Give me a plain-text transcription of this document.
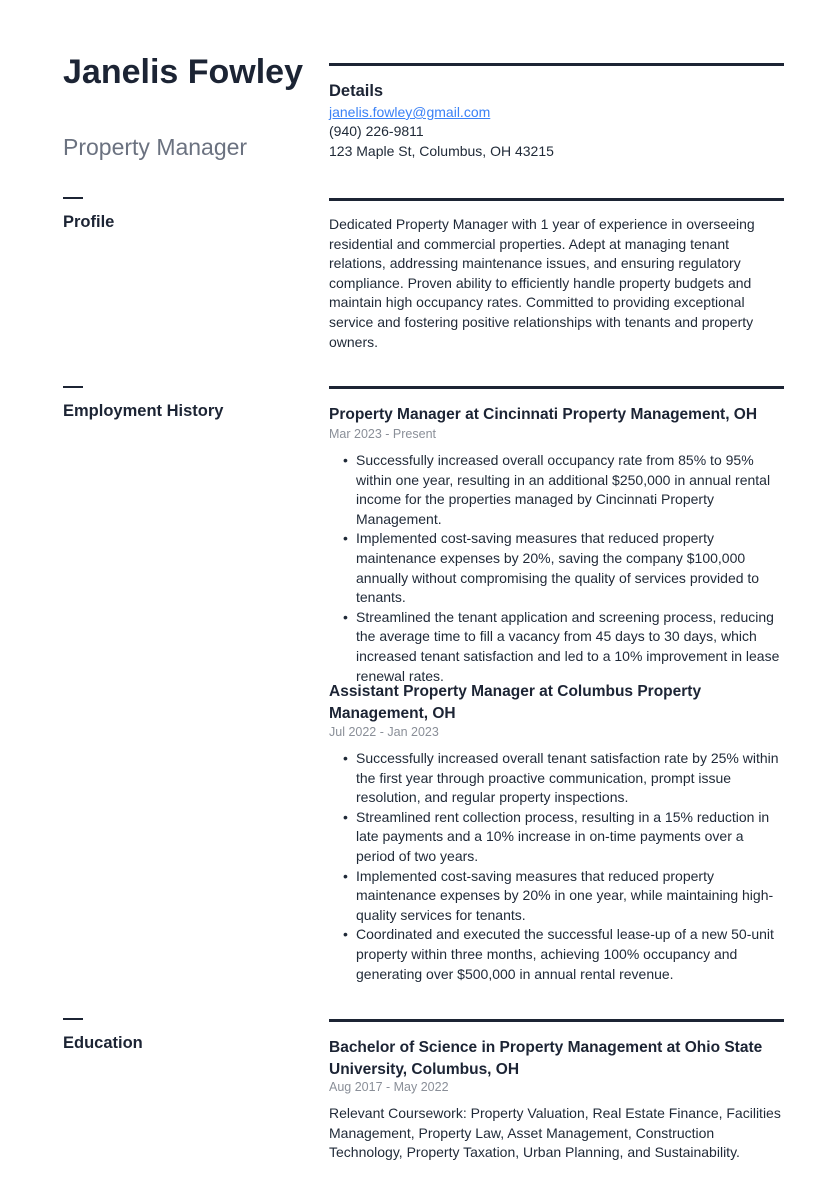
Janelis Fowley
Property Manager
Details
janelis.fowley@gmail.com
(940) 226-9811
123 Maple St, Columbus, OH 43215
Profile	Dedicated Property Manager with 1 year of experience in overseeing residential and commercial properties. Adept at managing tenant relations, addressing maintenance issues, and ensuring regulatory compliance. Proven ability to efficiently handle property budgets and maintain high occupancy rates. Committed to providing exceptional service and fostering positive relationships with tenants and property owners.
Employment History	Property Manager at Cincinnati Property Management, OH
Mar 2023 - Present
• Successfully increased overall occupancy rate from 85% to 95% within one year, resulting in an additional $250,000 in annual rental income for the properties managed by Cincinnati Property Management.
• Implemented cost-saving measures that reduced property maintenance expenses by 20%, saving the company $100,000 annually without compromising the quality of services provided to tenants.
• Streamlined the tenant application and screening process, reducing the average time to fill a vacancy from 45 days to 30 days, which increased tenant satisfaction and led to a 10% improvement in lease renewal rates.
Assistant Property Manager at Columbus Property Management, OH
Jul 2022 - Jan 2023
• Successfully increased overall tenant satisfaction rate by 25% within the first year through proactive communication, prompt issue resolution, and regular property inspections.
• Streamlined rent collection process, resulting in a 15% reduction in late payments and a 10% increase in on-time payments over a period of two years.
• Implemented cost-saving measures that reduced property maintenance expenses by 20% in one year, while maintaining high-quality services for tenants.
• Coordinated and executed the successful lease-up of a new 50-unit property within three months, achieving 100% occupancy and generating over $500,000 in annual rental revenue.
Education	Bachelor of Science in Property Management at Ohio State University, Columbus, OH
Aug 2017 - May 2022
Relevant Coursework: Property Valuation, Real Estate Finance, Facilities Management, Property Law, Asset Management, Construction Technology, Property Taxation, Urban Planning, and Sustainability.
